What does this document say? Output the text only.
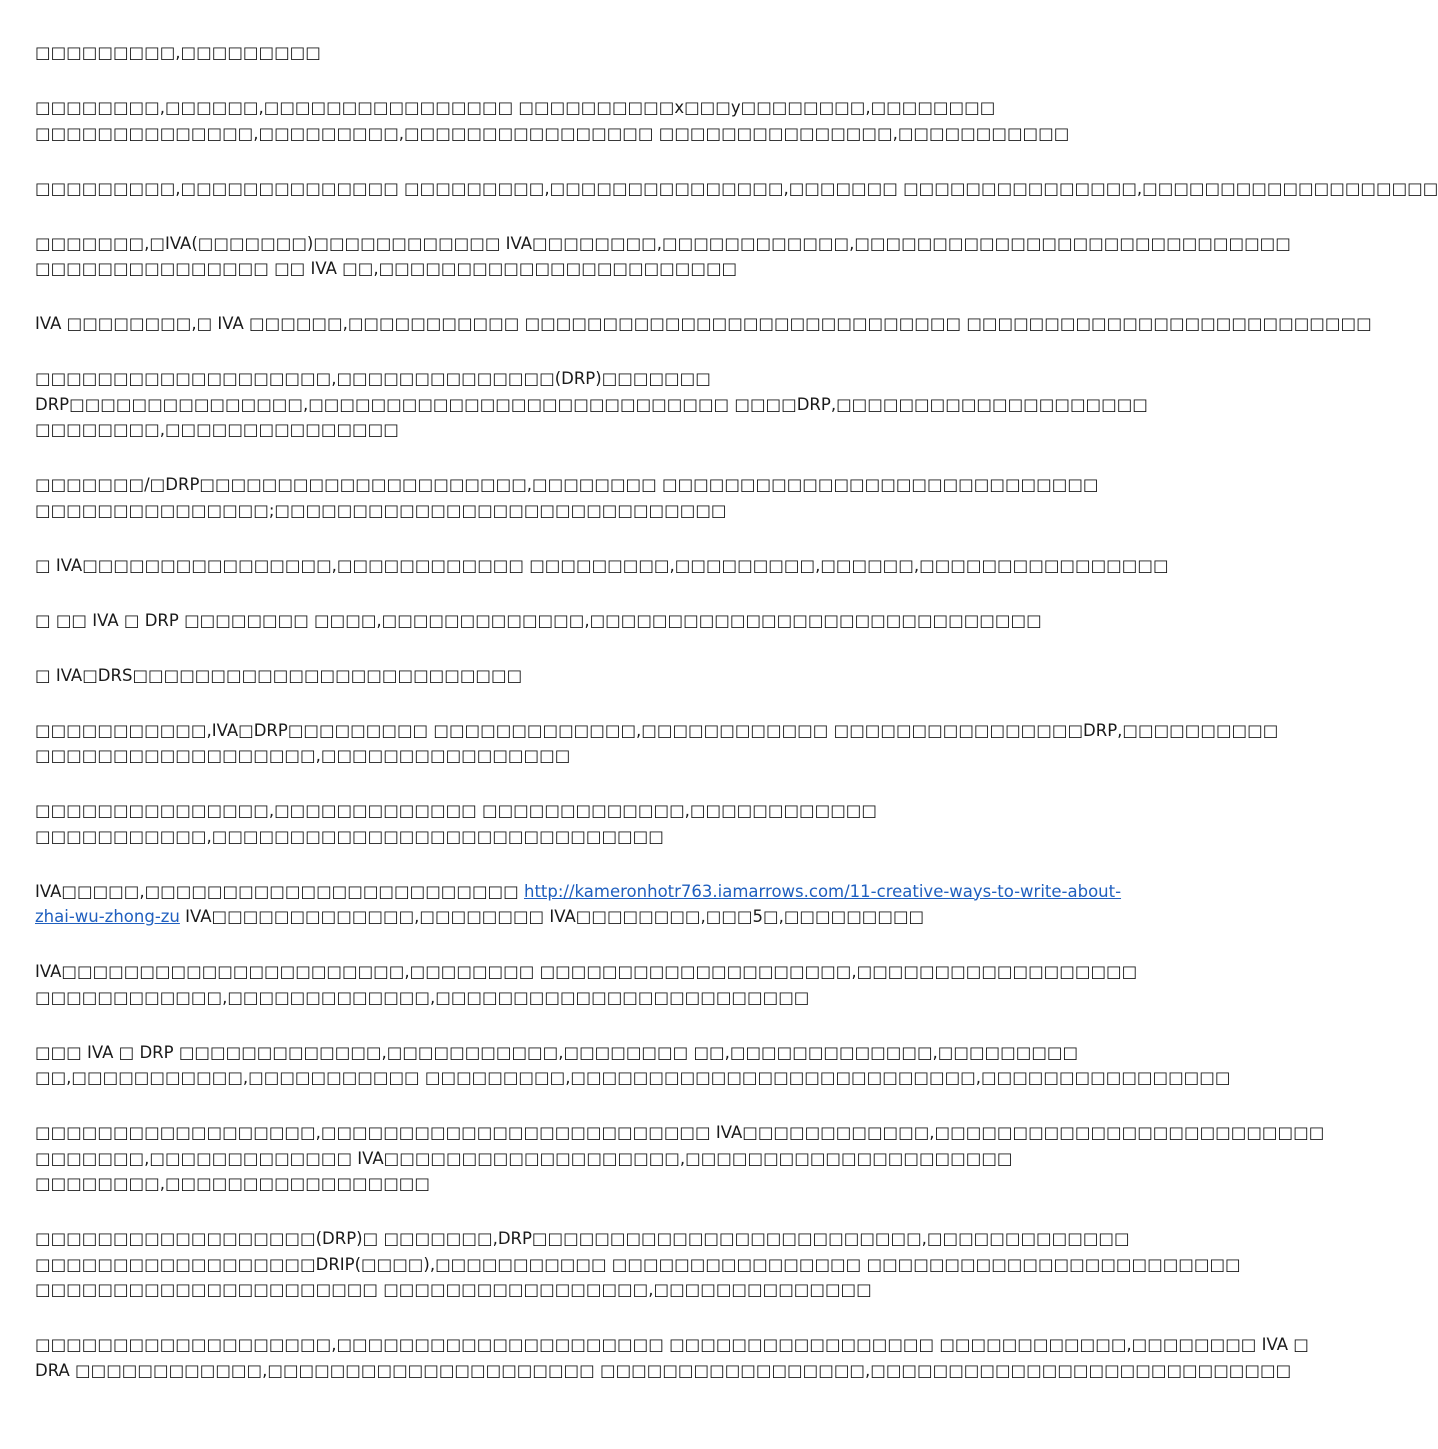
□□□□□□□□□,□□□□□□□□□
□□□□□□□□,□□□□□□,□□□□□□□□□□□□□□□□ □□□□□□□□□□x□□□y□□□□□□□□,□□□□□□□□
□□□□□□□□□□□□□□,□□□□□□□□□,□□□□□□□□□□□□□□□□ □□□□□□□□□□□□□□□,□□□□□□□□□□□
□□□□□□□□□,□□□□□□□□□□□□□□ □□□□□□□□□,□□□□□□□□□□□□□□□,□□□□□□□ □□□□□□□□□□□□□□□,□□□□□□□□□□□□□□□□□□□
□□□□□□□,□IVA(□□□□□□□)□□□□□□□□□□□□ IVA□□□□□□□□,□□□□□□□□□□□□,□□□□□□□□□□□□□□□□□□□□□□□□□□□□
□□□□□□□□□□□□□□□ □□ IVA □□,□□□□□□□□□□□□□□□□□□□□□□□
IVA □□□□□□□□,□ IVA □□□□□□,□□□□□□□□□□□ □□□□□□□□□□□□□□□□□□□□□□□□□□□□ □□□□□□□□□□□□□□□□□□□□□□□□□□
□□□□□□□□□□□□□□□□□□□,□□□□□□□□□□□□□□(DRP)□□□□□□□
DRP□□□□□□□□□□□□□□□,□□□□□□□□□□□□□□□□□□□□□□□□□□□ □□□□DRP,□□□□□□□□□□□□□□□□□□□□
□□□□□□□□,□□□□□□□□□□□□□□□
□□□□□□□/□DRP□□□□□□□□□□□□□□□□□□□□□,□□□□□□□□ □□□□□□□□□□□□□□□□□□□□□□□□□□□□
□□□□□□□□□□□□□□□;□□□□□□□□□□□□□□□□□□□□□□□□□□□□□
□ IVA□□□□□□□□□□□□□□□□,□□□□□□□□□□□□ □□□□□□□□□,□□□□□□□□□,□□□□□□,□□□□□□□□□□□□□□□□
□ □□ IVA □ DRP □□□□□□□□ □□□□,□□□□□□□□□□□□□,□□□□□□□□□□□□□□□□□□□□□□□□□□□□□
□ IVA□DRS□□□□□□□□□□□□□□□□□□□□□□□□□
□□□□□□□□□□□,IVA□DRP□□□□□□□□□ □□□□□□□□□□□□□,□□□□□□□□□□□□ □□□□□□□□□□□□□□□□DRP,□□□□□□□□□□
□□□□□□□□□□□□□□□□□□,□□□□□□□□□□□□□□□□
□□□□□□□□□□□□□□□,□□□□□□□□□□□□□ □□□□□□□□□□□□□,□□□□□□□□□□□□
□□□□□□□□□□□,□□□□□□□□□□□□□□□□□□□□□□□□□□□□□
IVA□□□□□,□□□□□□□□□□□□□□□□□□□□□□□□ http://kameronhotr763.iamarrows.com/11-creative-ways-to-write-about-
zhai-wu-zhong-zu IVA□□□□□□□□□□□□□,□□□□□□□□ IVA□□□□□□□□,□□□5□,□□□□□□□□□
IVA□□□□□□□□□□□□□□□□□□□□□□,□□□□□□□□ □□□□□□□□□□□□□□□□□□□□,□□□□□□□□□□□□□□□□□□
□□□□□□□□□□□□,□□□□□□□□□□□□□,□□□□□□□□□□□□□□□□□□□□□□□□
□□□ IVA □ DRP □□□□□□□□□□□□□,□□□□□□□□□□□,□□□□□□□□ □□,□□□□□□□□□□□□□,□□□□□□□□□
□□,□□□□□□□□□□□,□□□□□□□□□□□ □□□□□□□□□,□□□□□□□□□□□□□□□□□□□□□□□□□□,□□□□□□□□□□□□□□□□
□□□□□□□□□□□□□□□□□□,□□□□□□□□□□□□□□□□□□□□□□□□□ IVA□□□□□□□□□□□□,□□□□□□□□□□□□□□□□□□□□□□□□□
□□□□□□□,□□□□□□□□□□□□□ IVA□□□□□□□□□□□□□□□□□□□,□□□□□□□□□□□□□□□□□□□□□
□□□□□□□□,□□□□□□□□□□□□□□□□□
□□□□□□□□□□□□□□□□□□(DRP)□ □□□□□□□,DRP□□□□□□□□□□□□□□□□□□□□□□□□□,□□□□□□□□□□□□□
□□□□□□□□□□□□□□□□□□DRIP(□□□□),□□□□□□□□□□□ □□□□□□□□□□□□□□□□ □□□□□□□□□□□□□□□□□□□□□□□□
□□□□□□□□□□□□□□□□□□□□□□ □□□□□□□□□□□□□□□□□,□□□□□□□□□□□□□□
□□□□□□□□□□□□□□□□□□□,□□□□□□□□□□□□□□□□□□□□□ □□□□□□□□□□□□□□□□□ □□□□□□□□□□□□,□□□□□□□□ IVA □
DRA □□□□□□□□□□□□,□□□□□□□□□□□□□□□□□□□□□ □□□□□□□□□□□□□□□□□,□□□□□□□□□□□□□□□□□□□□□□□□□□□
